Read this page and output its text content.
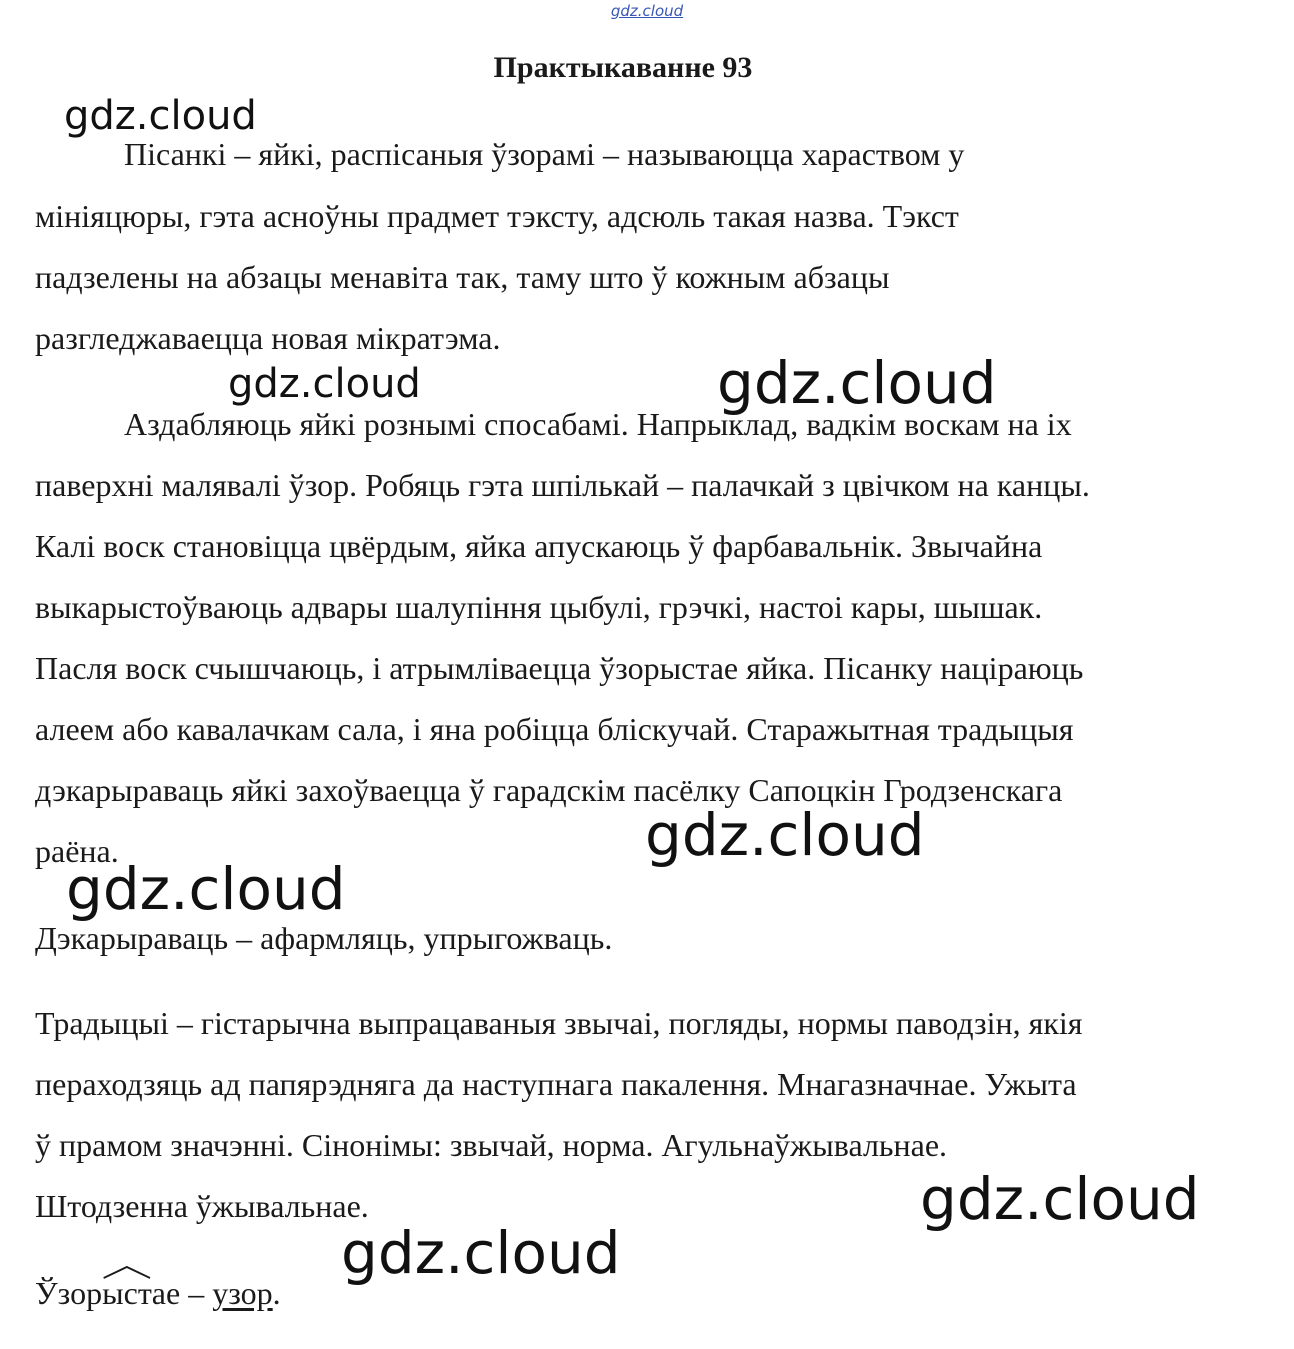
gdz.cloud
Практыкаванне 93
Пісанкі – яйкі, распісаныя ўзорамі – называюцца харaством у
мініяцюры, гэта асноўны прадмет тэксту, адсюль такая назва. Тэкст
падзелены на абзацы менавіта так, таму што ў кожным абзацы
разгледжаваецца новая мікратэма.
Аздабляюць яйкі рознымі спосабамі. Напрыклад, вадкім воскам на іх
паверхні малявалі ўзор. Робяць гэта шпількай – палачкай з цвічком на канцы.
Калі воск становіцца цвёрдым, яйка апускаюць ў фарбавальнік. Звычайна
выкарыстоўваюць адвары шалупіння цыбулі, грэчкі, настоі кары, шышак.
Пасля воск счышчаюць, і атрымліваецца ўзорыстае яйка. Пісанку націраюць
алеем або кавалачкам сала, і яна робіцца бліскучай. Старажытная традыцыя
дэкарыраваць яйкі захоўваецца ў гарадскім пасёлку Сапоцкін Гродзенскага
раёна.
Дэкарыраваць – афармляць, упрыгожваць.
Традыцыі – гістарычна выпрацаваныя звычаі, погляды, нормы паводзін, якія
пераходзяць ад папярэдняга да наступнага пакалення. Мнагазначнае. Ужыта
ў прамом значэнні. Сінонімы: звычай, норма. Агульнаўжывальнае.
Штодзенна ўжывальнае.
Ўзор
ыстае – узор.
gdz.cloud
gdz.cloud	gdz.cloud
gdz.cloud
gdz.cloud
gdz.cloud
gdz.cloud
